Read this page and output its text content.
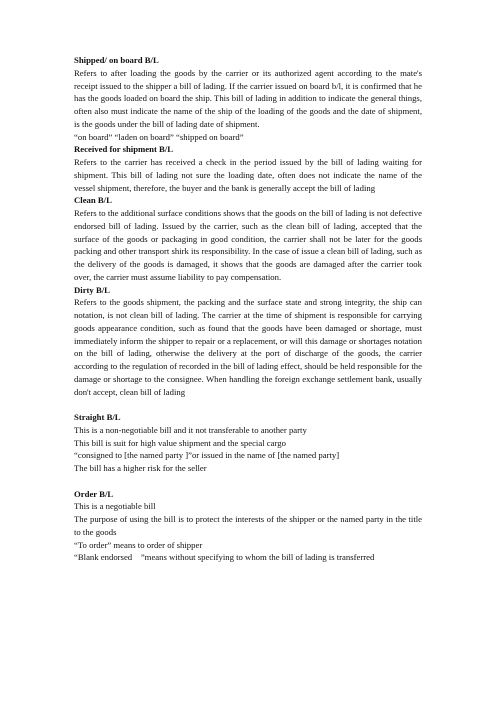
Shipped/ on board B/L

Refers to after loading the goods by the carrier or its authorized agent according to the mate's receipt issued to the shipper a bill of lading. If the carrier issued on board b/l, it is confirmed that he has the goods loaded on board the ship. This bill of lading in addition to indicate the general things, often also must indicate the name of the ship of the loading of the goods and the date of shipment, is the goods under the bill of lading date of shipment.

“on board” “laden on board” “shipped on board”

Received for shipment B/L

Refers to the carrier has received a check in the period issued by the bill of lading waiting for shipment. This bill of lading not sure the loading date, often does not indicate the name of the vessel shipment, therefore, the buyer and the bank is generally accept the bill of lading

Clean B/L

Refers to the additional surface conditions shows that the goods on the bill of lading is not defective endorsed bill of lading. Issued by the carrier, such as the clean bill of lading, accepted that the surface of the goods or packaging in good condition, the carrier shall not be later for the goods packing and other transport shirk its responsibility. In the case of issue a clean bill of lading, such as the delivery of the goods is damaged, it shows that the goods are damaged after the carrier took over, the carrier must assume liability to pay compensation.

Dirty B/L

Refers to the goods shipment, the packing and the surface state and strong integrity, the ship can notation, is not clean bill of lading. The carrier at the time of shipment is responsible for carrying goods appearance condition, such as found that the goods have been damaged or shortage, must immediately inform the shipper to repair or a replacement, or will this damage or shortages notation on the bill of lading, otherwise the delivery at the port of discharge of the goods, the carrier according to the regulation of recorded in the bill of lading effect, should be held responsible for the damage or shortage to the consignee. When handling the foreign exchange settlement bank, usually don't accept, clean bill of lading

Straight B/L

This is a non-negotiable bill and it not transferable to another party

This bill is suit for high value shipment and the special cargo

“consigned to [the named party ]”or issued in the name of [the named party]

The bill has a higher risk for the seller

Order B/L

This is a negotiable bill

The purpose of using the bill is to protect the interests of the shipper or the named party in the title to the goods

“To order” means to order of shipper

“Blank endorsed    ”means without specifying to whom the bill of lading is transferred
